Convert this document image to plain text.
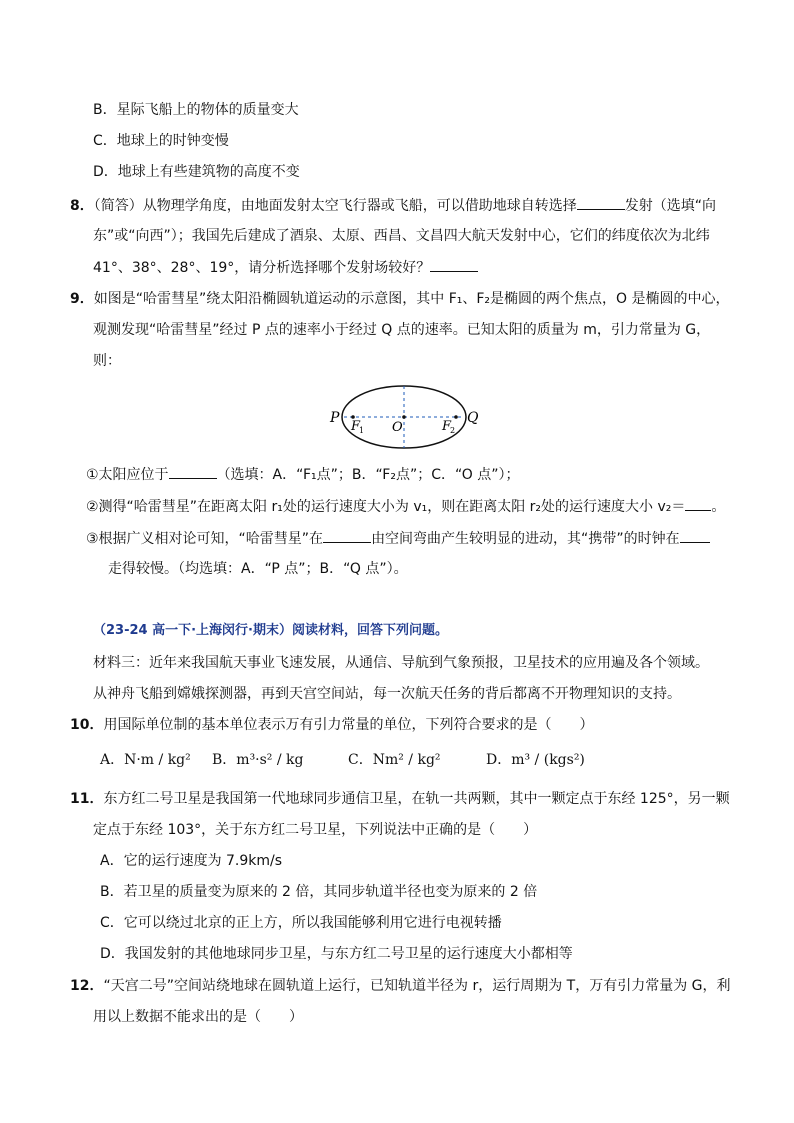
B．星际飞船上的物体的质量变大
C．地球上的时钟变慢
D．地球上有些建筑物的高度不变
8．（简答）从物理学角度，由地面发射太空飞行器或飞船，可以借助地球自转选择	发射（选填“向
东”或“向西”）；我国先后建成了酒泉、太原、西昌、文昌四大航天发射中心，它们的纬度依次为北纬
41°、38°、28°、19°，请分析选择哪个发射场较好？
9．如图是“哈雷彗星”绕太阳沿椭圆轨道运动的示意图，其中 F₁、F₂是椭圆的两个焦点，O 是椭圆的中心，
观测发现“哈雷彗星”经过 P 点的速率小于经过 Q 点的速率。已知太阳的质量为 m，引力常量为 G，
则：
P	Q
O
F
1	F
2
①太阳应位于	（选填：A．“F₁点”；B．“F₂点”；C．“O 点”）；
②测得“哈雷彗星”在距离太阳 r₁处的运行速度大小为 v₁，则在距离太阳 r₂处的运行速度大小 v₂＝ 。
③根据广义相对论可知，“哈雷彗星”在	由空间弯曲产生较明显的进动，其“携带”的时钟在
走得较慢。（均选填：A．“P 点”；B．“Q 点”）。
（23-24 高一下·上海闵行·期末）阅读材料，回答下列问题。
材料三：近年来我国航天事业飞速发展，从通信、导航到气象预报，卫星技术的应用遍及各个领域。
从神舟飞船到嫦娥探测器，再到天宫空间站，每一次航天任务的背后都离不开物理知识的支持。
10．用国际单位制的基本单位表示万有引力常量的单位，下列符合要求的是（　　）
A．N·m / kg² B．m³·s² / kg	C．Nm² / kg²	D．m³ / (kgs²)
11．东方红二号卫星是我国第一代地球同步通信卫星，在轨一共两颗，其中一颗定点于东经 125°，另一颗
定点于东经 103°，关于东方红二号卫星，下列说法中正确的是（　　）
A．它的运行速度为 7.9km/s
B．若卫星的质量变为原来的 2 倍，其同步轨道半径也变为原来的 2 倍
C．它可以绕过北京的正上方，所以我国能够利用它进行电视转播
D．我国发射的其他地球同步卫星，与东方红二号卫星的运行速度大小都相等
12．“天宫二号”空间站绕地球在圆轨道上运行，已知轨道半径为 r，运行周期为 T，万有引力常量为 G，利
用以上数据不能求出的是（　　）
